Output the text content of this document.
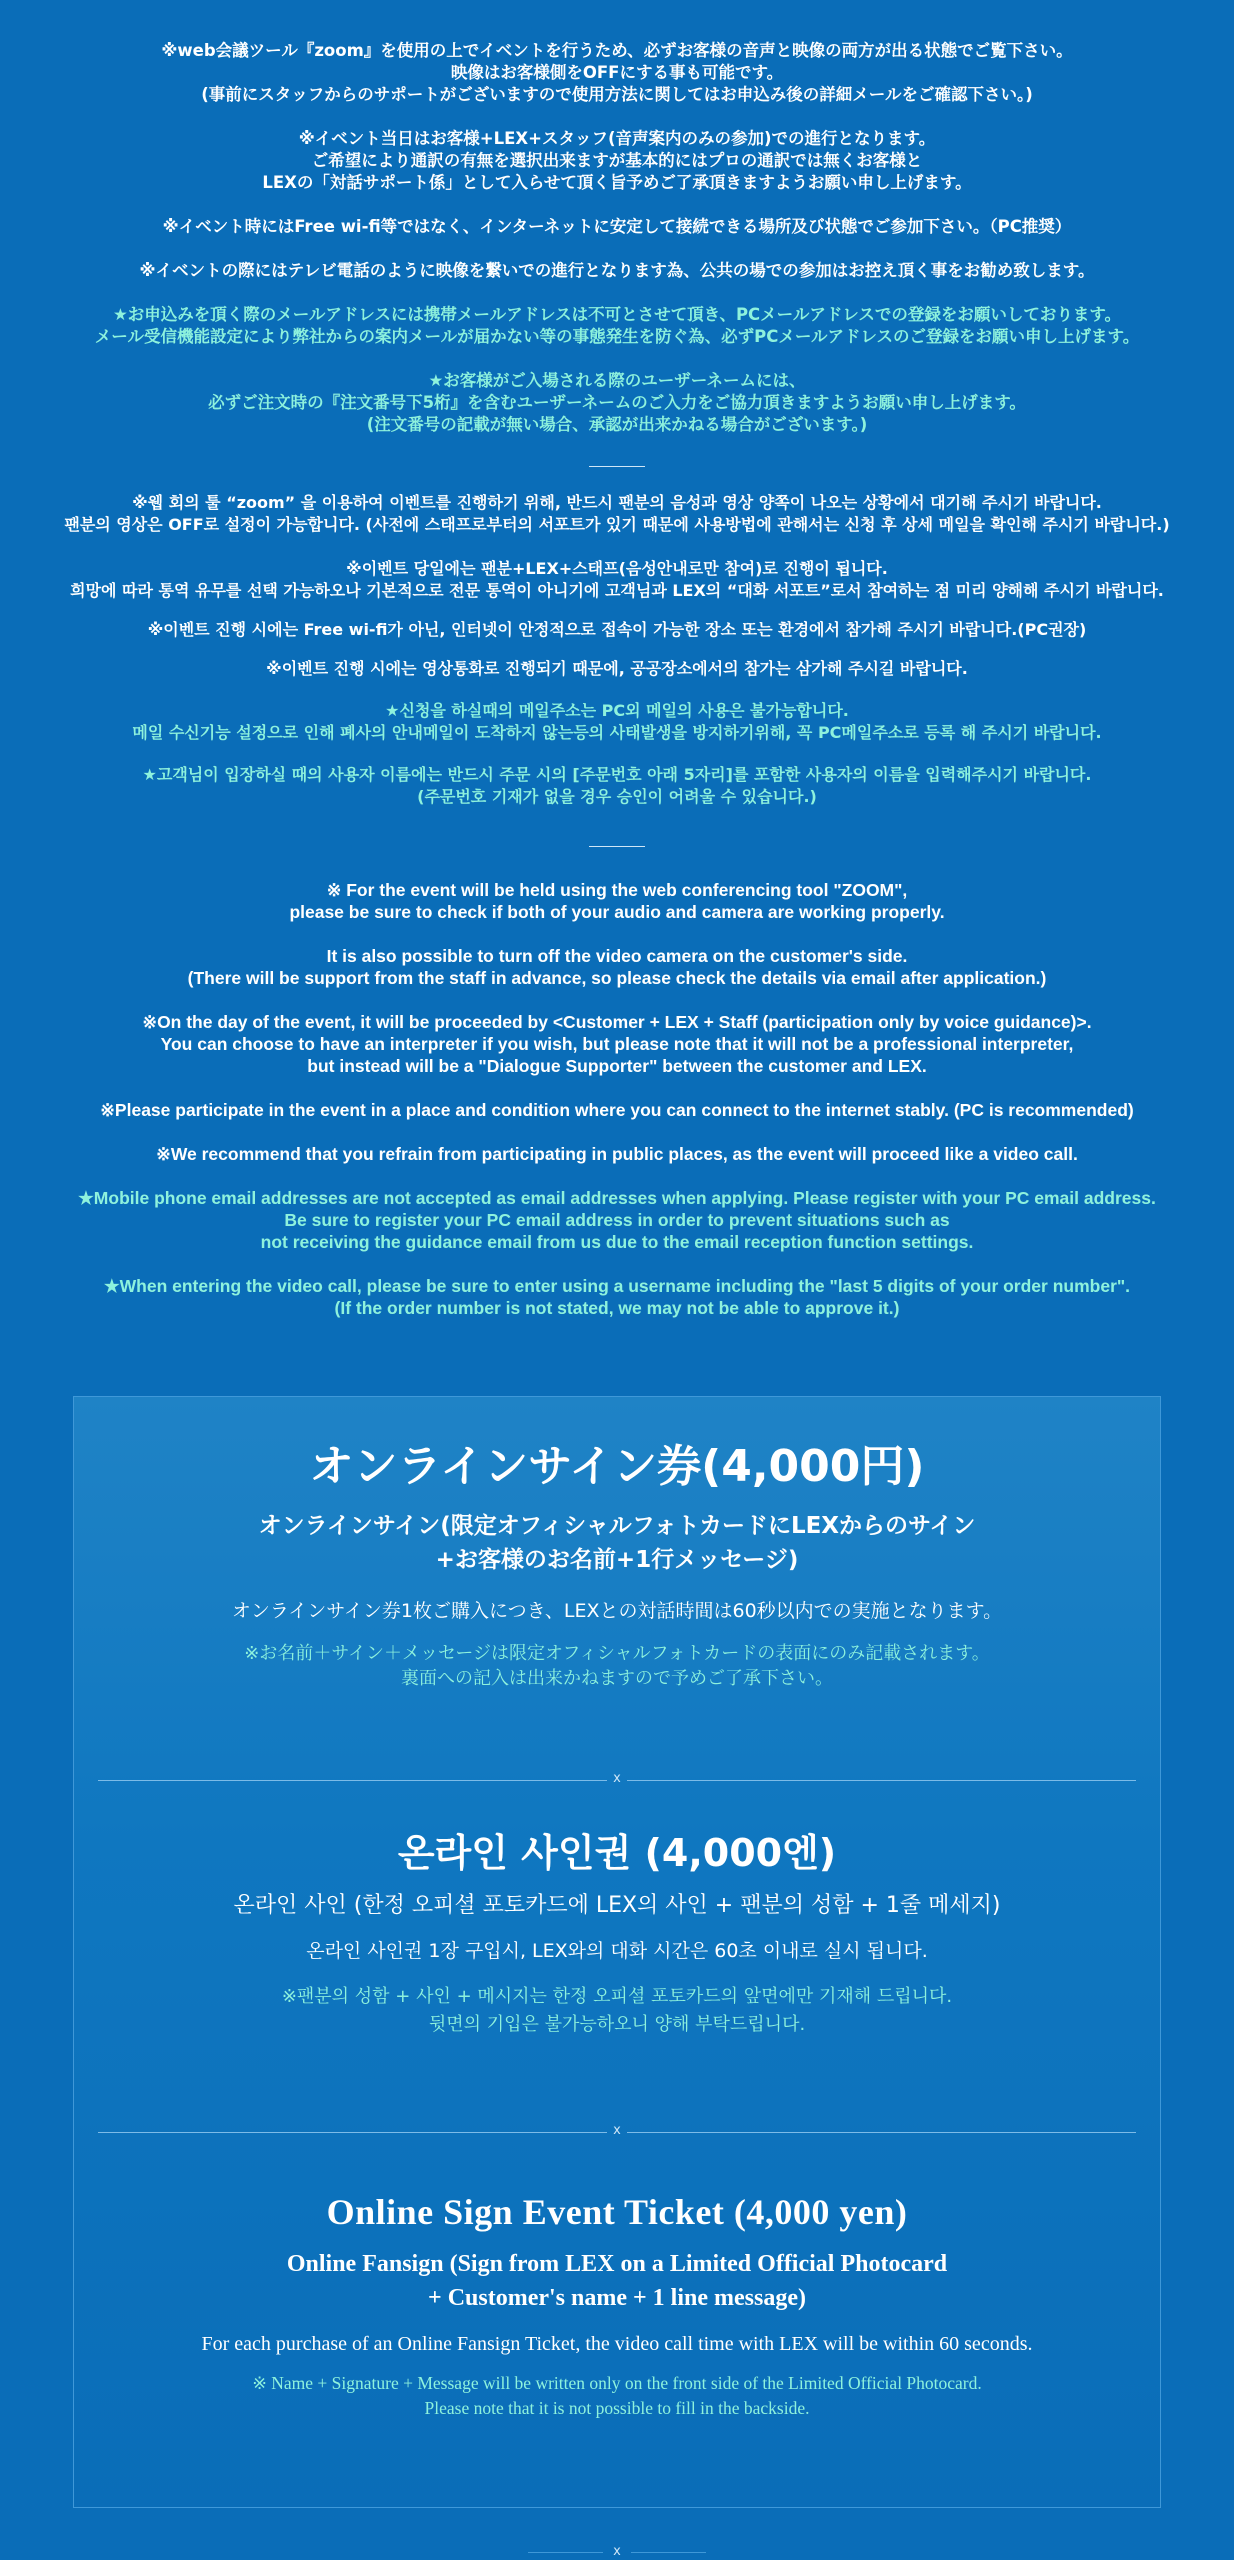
※web会議ツール『zoom』を使用の上でイベントを行うため、必ずお客様の音声と映像の両方が出る状態でご覧下さい。
映像はお客様側をOFFにする事も可能です。
(事前にスタッフからのサポートがございますので使用方法に関してはお申込み後の詳細メールをご確認下さい。)
※イベント当日はお客様+LEX+スタッフ(音声案内のみの参加)での進行となります。
ご希望により通訳の有無を選択出来ますが基本的にはプロの通訳では無くお客様と
LEXの「対話サポート係」として入らせて頂く旨予めご了承頂きますようお願い申し上げます。
※イベント時にはFree wi-fi等ではなく、インターネットに安定して接続できる場所及び状態でご参加下さい。（PC推奨）
※イベントの際にはテレビ電話のように映像を繋いでの進行となります為、公共の場での参加はお控え頂く事をお勧め致します。
★お申込みを頂く際のメールアドレスには携帯メールアドレスは不可とさせて頂き、PCメールアドレスでの登録をお願いしております。
メール受信機能設定により弊社からの案内メールが届かない等の事態発生を防ぐ為、必ずPCメールアドレスのご登録をお願い申し上げます。
★お客様がご入場される際のユーザーネームには、
必ずご注文時の『注文番号下5桁』を含むユーザーネームのご入力をご協力頂きますようお願い申し上げます。
(注文番号の記載が無い場合、承認が出来かねる場合がございます。)
※웹 회의 툴 “zoom” 을 이용하여 이벤트를 진행하기 위해, 반드시 팬분의 음성과 영상 양쪽이 나오는 상황에서 대기해 주시기 바랍니다.
팬분의 영상은 OFF로 설정이 가능합니다. (사전에 스태프로부터의 서포트가 있기 때문에 사용방법에 관해서는 신청 후 상세 메일을 확인해 주시기 바랍니다.)
※이벤트 당일에는 팬분+LEX+스태프(음성안내로만 참여)로 진행이 됩니다.
희망에 따라 통역 유무를 선택 가능하오나 기본적으로 전문 통역이 아니기에 고객님과 LEX의 “대화 서포트”로서 참여하는 점 미리 양해해 주시기 바랍니다.
※이벤트 진행 시에는 Free wi-fi가 아닌, 인터넷이 안정적으로 접속이 가능한 장소 또는 환경에서 참가해 주시기 바랍니다.(PC권장)
※이벤트 진행 시에는 영상통화로 진행되기 때문에, 공공장소에서의 참가는 삼가해 주시길 바랍니다.
★신청을 하실때의 메일주소는 PC외 메일의 사용은 불가능합니다.
메일 수신기능 설정으로 인해 폐사의 안내메일이 도착하지 않는등의 사태발생을 방지하기위해, 꼭 PC메일주소로 등록 해 주시기 바랍니다.
★고객님이 입장하실 때의 사용자 이름에는 반드시 주문 시의 [주문번호 아래 5자리]를 포함한 사용자의 이름을 입력해주시기 바랍니다.
(주문번호 기재가 없을 경우 승인이 어려울 수 있습니다.)
※ For the event will be held using the web conferencing tool "ZOOM",
please be sure to check if both of your audio and camera are working properly.
It is also possible to turn off the video camera on the customer's side.
(There will be support from the staff in advance, so please check the details via email after application.)
※On the day of the event, it will be proceeded by <Customer + LEX + Staff (participation only by voice guidance)>.
You can choose to have an interpreter if you wish, but please note that it will not be a professional interpreter,
but instead will be a "Dialogue Supporter" between the customer and LEX.
※Please participate in the event in a place and condition where you can connect to the internet stably. (PC is recommended)
※We recommend that you refrain from participating in public places, as the event will proceed like a video call.
★Mobile phone email addresses are not accepted as email addresses when applying. Please register with your PC email address.
Be sure to register your PC email address in order to prevent situations such as
not receiving the guidance email from us due to the email reception function settings.
★When entering the video call, please be sure to enter using a username including the "last 5 digits of your order number".
(If the order number is not stated, we may not be able to approve it.)
オンラインサイン券(4,000円)
オンラインサイン(限定オフィシャルフォトカードにLEXからのサイン
+お客様のお名前+1行メッセージ)
オンラインサイン券1枚ご購入につき、LEXとの対話時間は60秒以内での実施となります。
※お名前＋サイン＋メッセージは限定オフィシャルフォトカードの表面にのみ記載されます。
裏面への記入は出来かねますので予めご了承下さい。
x
온라인 사인권 (4,000엔)
온라인 사인 (한정 오피셜 포토카드에 LEX의 사인 + 팬분의 성함 + 1줄 메세지)
온라인 사인권 1장 구입시, LEX와의 대화 시간은 60초 이내로 실시 됩니다.
※팬분의 성함 + 사인 + 메시지는 한정 오피셜 포토카드의 앞면에만 기재해 드립니다.
뒷면의 기입은 불가능하오니 양해 부탁드립니다.
x
Online Sign Event Ticket (4,000 yen)
Online Fansign (Sign from LEX on a Limited Official Photocard
+ Customer's name + 1 line message)
For each purchase of an Online Fansign Ticket, the video call time with LEX will be within 60 seconds.
※ Name + Signature + Message will be written only on the front side of the Limited Official Photocard.
Please note that it is not possible to fill in the backside.
x
